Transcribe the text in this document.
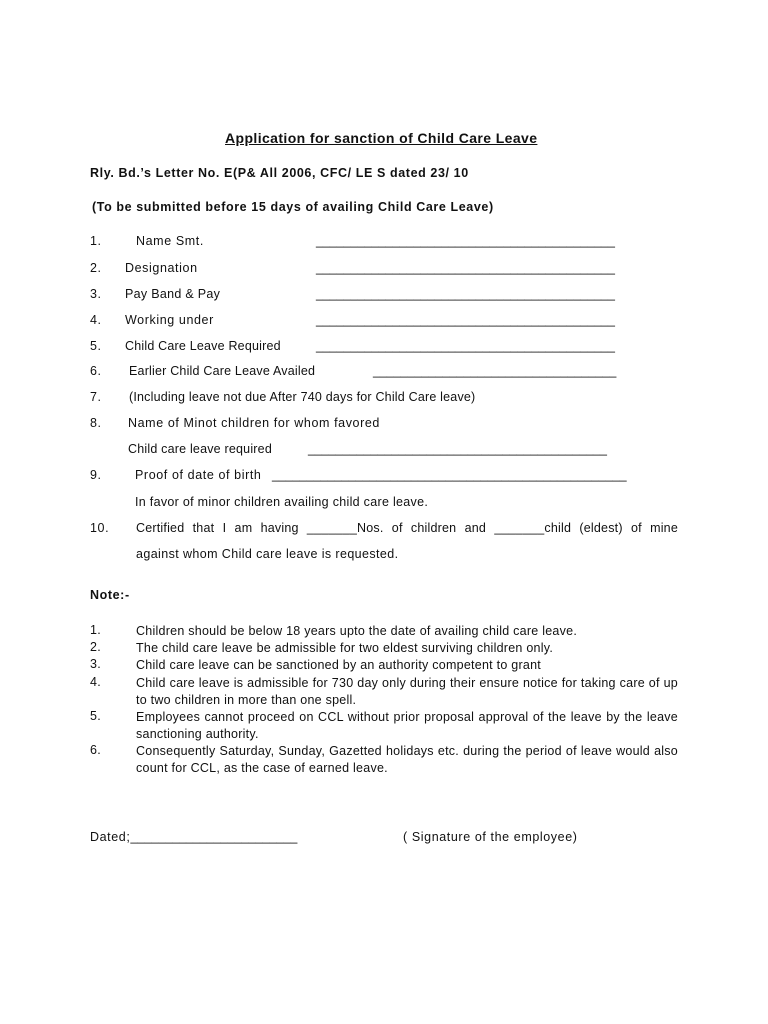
Application for sanction of Child Care Leave
Rly. Bd.’s Letter No. E(P& All 2006, CFC/ LE S dated 23/ 10
(To be submitted before 15 days of availing Child Care Leave)
1.	Name Smt.	___________________________________________
2. Designation	___________________________________________
3. Pay Band & Pay	___________________________________________
4. Working under	___________________________________________
5. Child Care Leave Required	___________________________________________
6. Earlier Child Care Leave Availed	___________________________________
7. (Including leave not due After 740 days for Child Care leave)
8. Name of Minot children for whom favored
Child care leave required	___________________________________________
9.	Proof of date of birth ___________________________________________________
In favor of minor children availing child care leave.
10. Certified that I am having _______Nos. of children and _______child (eldest) of mine
against whom Child care leave is requested.
Note:-
1.	Children should be below 18 years upto the date of availing child care leave.
2.	The child care leave be admissible for two eldest surviving children only.
3.	Child care leave can be sanctioned by an authority competent to grant
4.	Child care leave is admissible for 730 day only during their ensure notice for taking care of up to two children in more than one spell.
5.	Employees cannot proceed on CCL without prior proposal approval of the leave by the leave sanctioning authority.
6.	Consequently Saturday, Sunday, Gazetted holidays etc. during the period of leave would also count for CCL, as the case of earned leave.
Dated;________________________	( Signature of the employee)
